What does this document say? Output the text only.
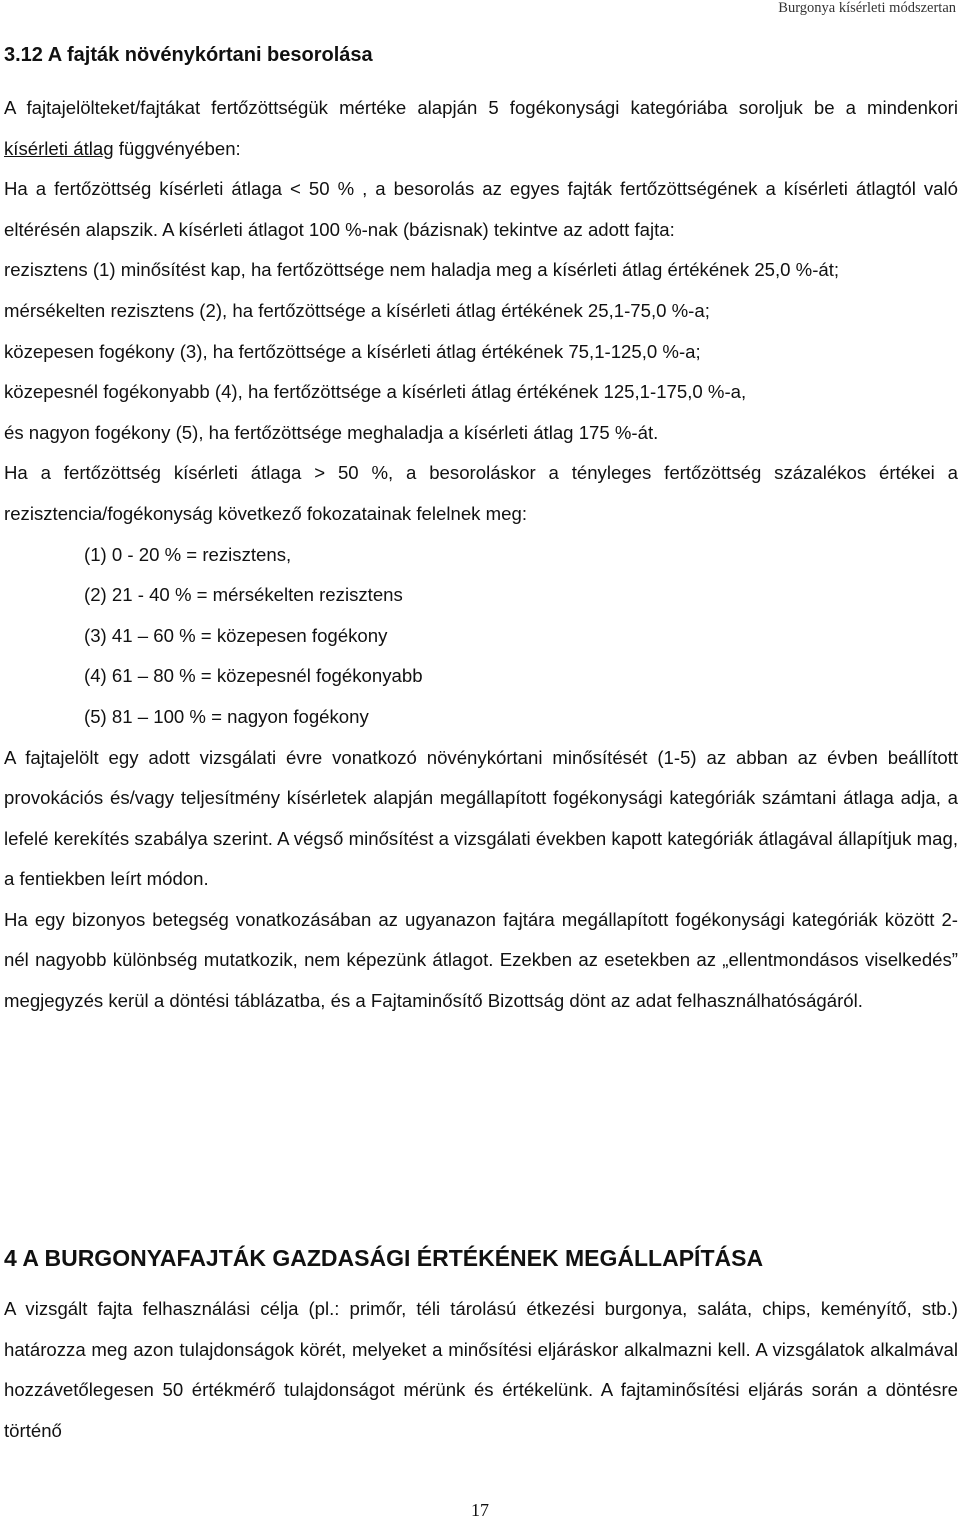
Burgonya kísérleti módszertan
3.12 A fajták növénykórtani besorolása

A fajtajelölteket/fajtákat fertőzöttségük mértéke alapján 5 fogékonysági kategóriába soroljuk be a mindenkori kísérleti átlag függvényében:

Ha a fertőzöttség kísérleti átlaga < 50 % , a besorolás az egyes fajták fertőzöttségének a kísérleti átlagtól való eltérésén alapszik. A kísérleti átlagot 100 %-nak (bázisnak) tekintve az adott fajta:

rezisztens (1) minősítést kap, ha fertőzöttsége nem haladja meg a kísérleti átlag értékének 25,0 %-át;

mérsékelten rezisztens (2), ha fertőzöttsége a kísérleti átlag értékének 25,1-75,0 %-a;

közepesen fogékony (3), ha fertőzöttsége a kísérleti átlag értékének 75,1-125,0 %-a;

közepesnél fogékonyabb (4), ha fertőzöttsége a kísérleti átlag értékének 125,1-175,0 %-a,

és nagyon fogékony (5), ha fertőzöttsége meghaladja a kísérleti átlag 175 %-át.

Ha a fertőzöttség kísérleti átlaga > 50 %, a besoroláskor a tényleges fertőzöttség százalékos értékei a rezisztencia/fogékonyság következő fokozatainak felelnek meg:

(1) 0 - 20 % = rezisztens,

(2) 21 - 40 % = mérsékelten rezisztens

(3) 41 – 60 % = közepesen fogékony

(4) 61 – 80 % = közepesnél fogékonyabb

(5) 81 – 100 % = nagyon fogékony

A fajtajelölt egy adott vizsgálati évre vonatkozó növénykórtani minősítését (1-5) az abban az évben beállított provokációs és/vagy teljesítmény kísérletek alapján megállapított fogékonysági kategóriák számtani átlaga adja, a lefelé kerekítés szabálya szerint. A végső minősítést a vizsgálati években kapott kategóriák átlagával állapítjuk mag, a fentiekben leírt módon.

Ha egy bizonyos betegség vonatkozásában az ugyanazon fajtára megállapított fogékonysági kategóriák között 2-nél nagyobb különbség mutatkozik, nem képezünk átlagot. Ezekben az esetekben az „ellentmondásos viselkedés” megjegyzés kerül a döntési táblázatba, és a Fajtaminősítő Bizottság dönt az adat felhasználhatóságáról.

4 A BURGONYAFAJTÁK GAZDASÁGI ÉRTÉKÉNEK MEGÁLLAPÍTÁSA

A vizsgált fajta felhasználási célja (pl.: primőr, téli tárolású étkezési burgonya, saláta, chips, keményítő, stb.) határozza meg azon tulajdonságok körét, melyeket a minősítési eljáráskor alkalmazni kell. A vizsgálatok alkalmával hozzávetőlegesen 50 értékmérő tulajdonságot mérünk és értékelünk. A fajtaminősítési eljárás során a döntésre történő

17
